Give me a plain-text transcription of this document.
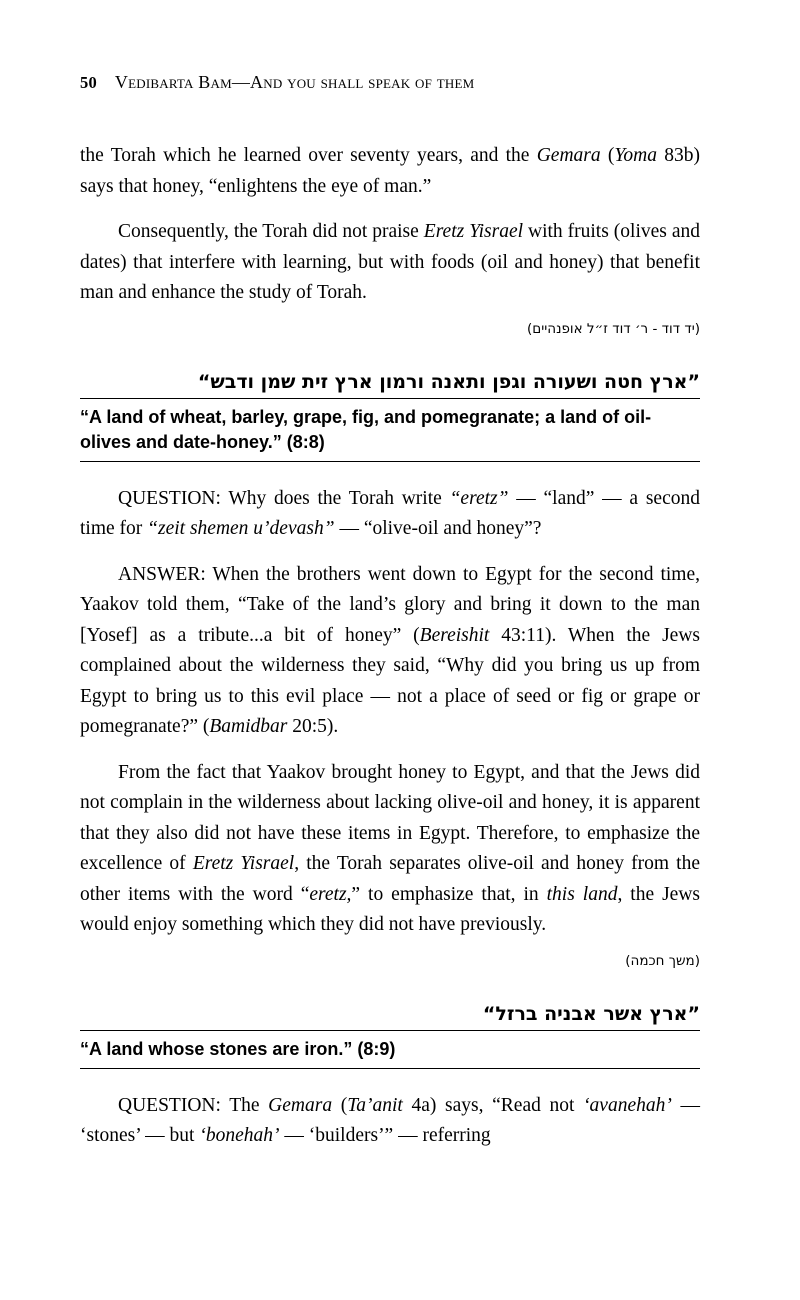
50 Vedibarta Bam—And you shall speak of them

the Torah which he learned over seventy years, and the Gemara (Yoma 83b) says that honey, “enlightens the eye of man.”

Consequently, the Torah did not praise Eretz Yisrael with fruits (olives and dates) that interfere with learning, but with foods (oil and honey) that benefit man and enhance the study of Torah.

(יד דוד - ר׳ דוד ז״ל אופנהיים)
”ארץ חטה ושעורה וגפן ותאנה ורמון ארץ זית שמן ודבש“
“A land of wheat, barley, grape, fig, and pomegranate; a land of oil-olives and date-honey.” (8:8)

QUESTION: Why does the Torah write “eretz” — “land” — a second time for “zeit shemen u’devash” — “olive-oil and honey”?

ANSWER: When the brothers went down to Egypt for the second time, Yaakov told them, “Take of the land’s glory and bring it down to the man [Yosef] as a tribute...a bit of honey” (Bereishit 43:11). When the Jews complained about the wilderness they said, “Why did you bring us up from Egypt to bring us to this evil place — not a place of seed or fig or grape or pomegranate?” (Bamidbar 20:5).

From the fact that Yaakov brought honey to Egypt, and that the Jews did not complain in the wilderness about lacking olive-oil and honey, it is apparent that they also did not have these items in Egypt. Therefore, to emphasize the excellence of Eretz Yisrael, the Torah separates olive-oil and honey from the other items with the word “eretz,” to emphasize that, in this land, the Jews would enjoy something which they did not have previously.

(משך חכמה)
”ארץ אשר אבניה ברזל“
“A land whose stones are iron.” (8:9)

QUESTION: The Gemara (Ta’anit 4a) says, “Read not ‘avanehah’ — ‘stones’ — but ‘bonehah’ — ‘builders’” — referring
